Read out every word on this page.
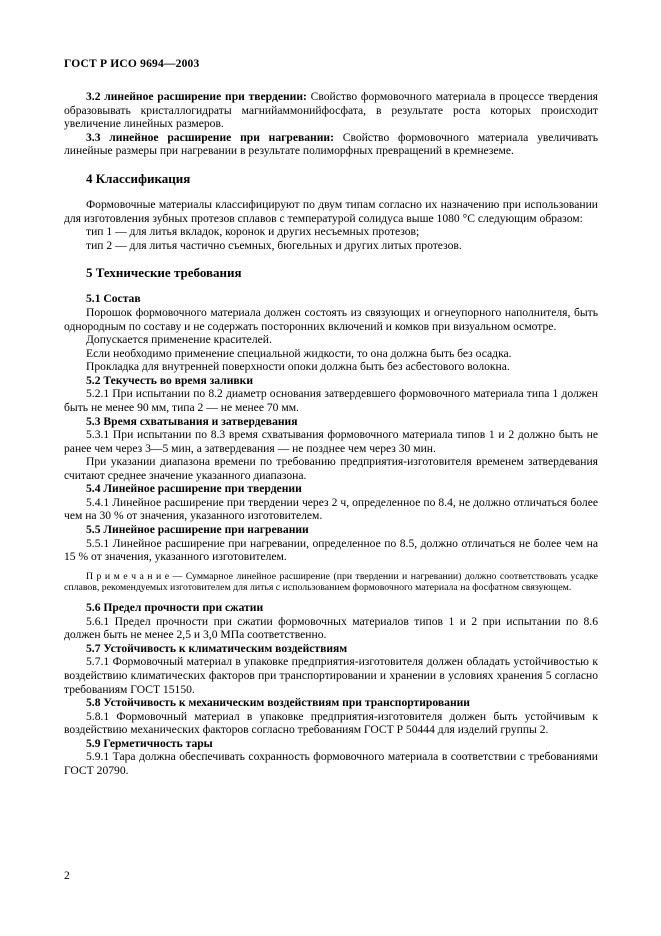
ГОСТ Р ИСО 9694—2003

3.2 линейное расширение при твердении: Свойство формовочного материала в процессе твердения образовывать кристаллогидраты магнийаммонийфосфата, в результате роста которых происходит увеличение линейных размеров.

3.3 линейное расширение при нагревании: Свойство формовочного материала увеличивать линейные размеры при нагревании в результате полиморфных превращений в кремнеземе.

4 Классификация

Формовочные материалы классифицируют по двум типам согласно их назначению при использовании для изготовления зубных протезов сплавов с температурой солидуса выше 1080 °С следующим образом:

тип 1 — для литья вкладок, коронок и других несъемных протезов;

тип 2 — для литья частично съемных, бюгельных и других литых протезов.

5 Технические требования

5.1 Состав

Порошок формовочного материала должен состоять из связующих и огнеупорного наполнителя, быть однородным по составу и не содержать посторонних включений и комков при визуальном осмотре.

Допускается применение красителей.

Если необходимо применение специальной жидкости, то она должна быть без осадка.

Прокладка для внутренней поверхности опоки должна быть без асбестового волокна.

5.2 Текучесть во время заливки

5.2.1 При испытании по 8.2 диаметр основания затвердевшего формовочного материала типа 1 должен быть не менее 90 мм, типа 2 — не менее 70 мм.

5.3 Время схватывания и затвердевания

5.3.1 При испытании по 8.3 время схватывания формовочного материала типов 1 и 2 должно быть не ранее чем через 3—5 мин, а затвердевания — не позднее чем через 30 мин.

При указании диапазона времени по требованию предприятия-изготовителя временем затвердевания считают среднее значение указанного диапазона.

5.4 Линейное расширение при твердении

5.4.1 Линейное расширение при твердении через 2 ч, определенное по 8.4, не должно отличаться более чем на 30 % от значения, указанного изготовителем.

5.5 Линейное расширение при нагревании

5.5.1 Линейное расширение при нагревании, определенное по 8.5, должно отличаться не более чем на 15 % от значения, указанного изготовителем.

П р и м е ч а н и е — Суммарное линейное расширение (при твердении и нагревании) должно соответствовать усадке сплавов, рекомендуемых изготовителем для литья с использованием формовочного материала на фосфатном связующем.

5.6 Предел прочности при сжатии

5.6.1 Предел прочности при сжатии формовочных материалов типов 1 и 2 при испытании по 8.6 должен быть не менее 2,5 и 3,0 МПа соответственно.

5.7 Устойчивость к климатическим воздействиям

5.7.1 Формовочный материал в упаковке предприятия-изготовителя должен обладать устойчивостью к воздействию климатических факторов при транспортировании и хранении в условиях хранения 5 согласно требованиям ГОСТ 15150.

5.8 Устойчивость к механическим воздействиям при транспортировании

5.8.1 Формовочный материал в упаковке предприятия-изготовителя должен быть устойчивым к воздействию механических факторов согласно требованиям ГОСТ Р 50444 для изделий группы 2.

5.9 Герметичность тары

5.9.1 Тара должна обеспечивать сохранность формовочного материала в соответствии с требованиями ГОСТ 20790.

2
